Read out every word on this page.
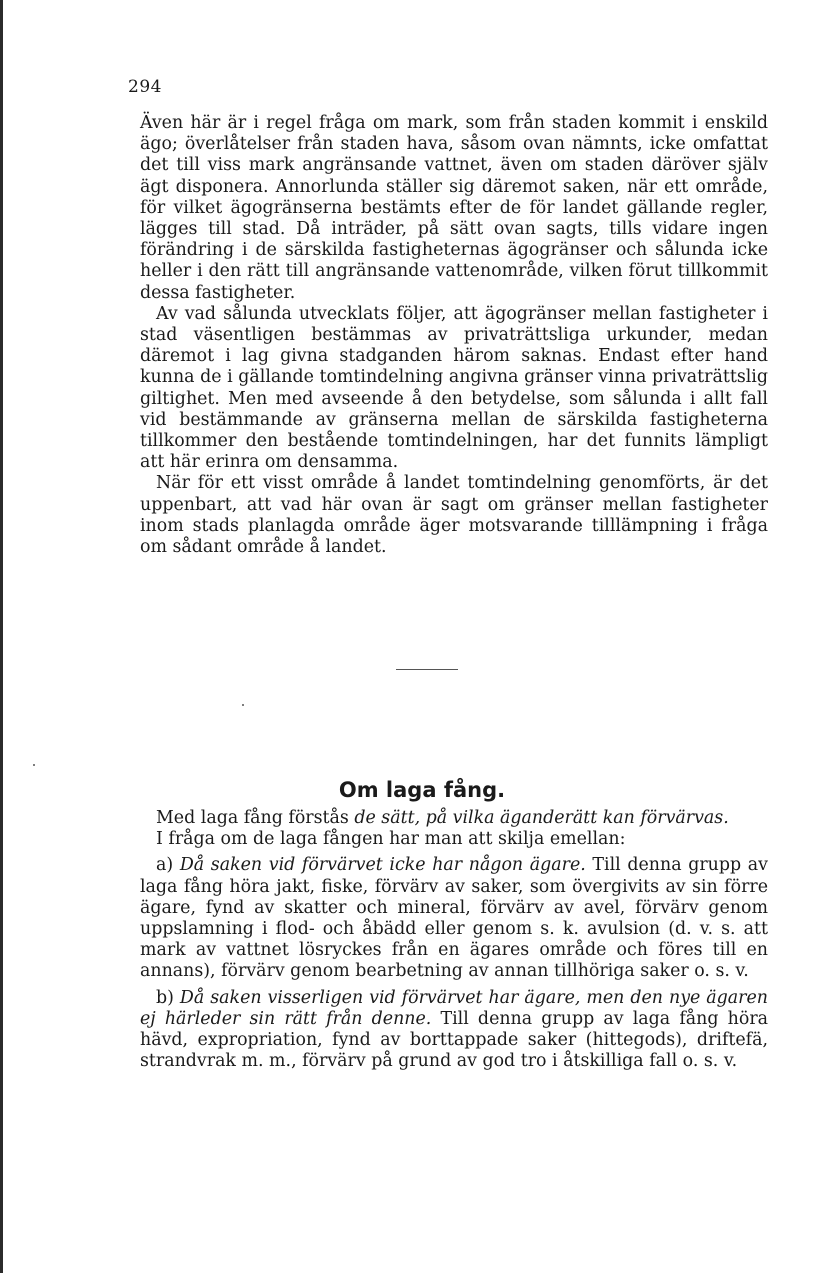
294

Även här är i regel fråga om mark, som från staden kommit i enskild ägo; överlåtelser från staden hava, såsom ovan nämnts, icke omfattat det till viss mark angränsande vattnet, även om staden däröver själv ägt disponera. Annorlunda ställer sig däremot saken, när ett område, för vilket ägogränserna bestämts efter de för landet gällande regler, lägges till stad. Då inträder, på sätt ovan sagts, tills vidare ingen förändring i de särskilda fastigheternas ägogränser och sålunda icke heller i den rätt till angränsande vattenområde, vilken förut tillkommit dessa fastigheter.

Av vad sålunda utvecklats följer, att ägogränser mellan fastigheter i stad väsentligen bestämmas av privaträttsliga urkunder, medan däremot i lag givna stadganden härom saknas. Endast efter hand kunna de i gällande tomtindelning angivna gränser vinna privaträttslig giltighet. Men med avseende å den betydelse, som sålunda i allt fall vid bestämmande av gränserna mellan de särskilda fastigheterna tillkommer den bestående tomtindelningen, har det funnits lämpligt att här erinra om densamma.

När för ett visst område å landet tomtindelning genomförts, är det uppenbart, att vad här ovan är sagt om gränser mellan fastigheter inom stads planlagda område äger motsvarande tilllämpning i fråga om sådant område å landet.

Om laga fång.

Med laga fång förstås de sätt, på vilka äganderätt kan förvärvas.

I fråga om de laga fången har man att skilja emellan:

a) Då saken vid förvärvet icke har någon ägare. Till denna grupp av laga fång höra jakt, fiske, förvärv av saker, som övergivits av sin förre ägare, fynd av skatter och mineral, förvärv av avel, förvärv genom uppslamning i flod- och åbädd eller genom s. k. avulsion (d. v. s. att mark av vattnet lösryckes från en ägares område och föres till en annans), förvärv genom bearbetning av annan tillhöriga saker o. s. v.

b) Då saken visserligen vid förvärvet har ägare, men den nye ägaren ej härleder sin rätt från denne. Till denna grupp av laga fång höra hävd, expropriation, fynd av borttappade saker (hittegods), driftefä, strandvrak m. m., förvärv på grund av god tro i åtskilliga fall o. s. v.
